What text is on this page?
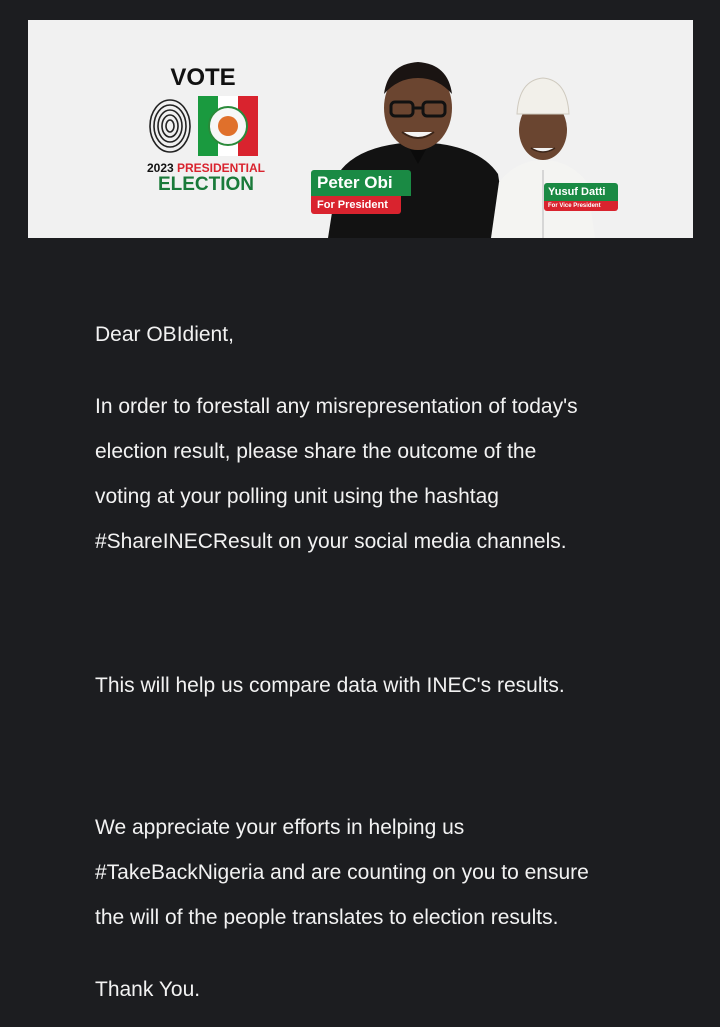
VOTE
2023 PRESIDENTIAL
ELECTION	Peter Obi
For President
Yusuf Datti
For Vice President
Dear OBIdient,
In order to forestall any misrepresentation of today's
election result, please share the outcome of the
voting at your polling unit using the hashtag
#ShareINECResult on your social media channels.
This will help us compare data with INEC's results.
We appreciate your efforts in helping us
#TakeBackNigeria and are counting on you to ensure
the will of the people translates to election results.
Thank You.
